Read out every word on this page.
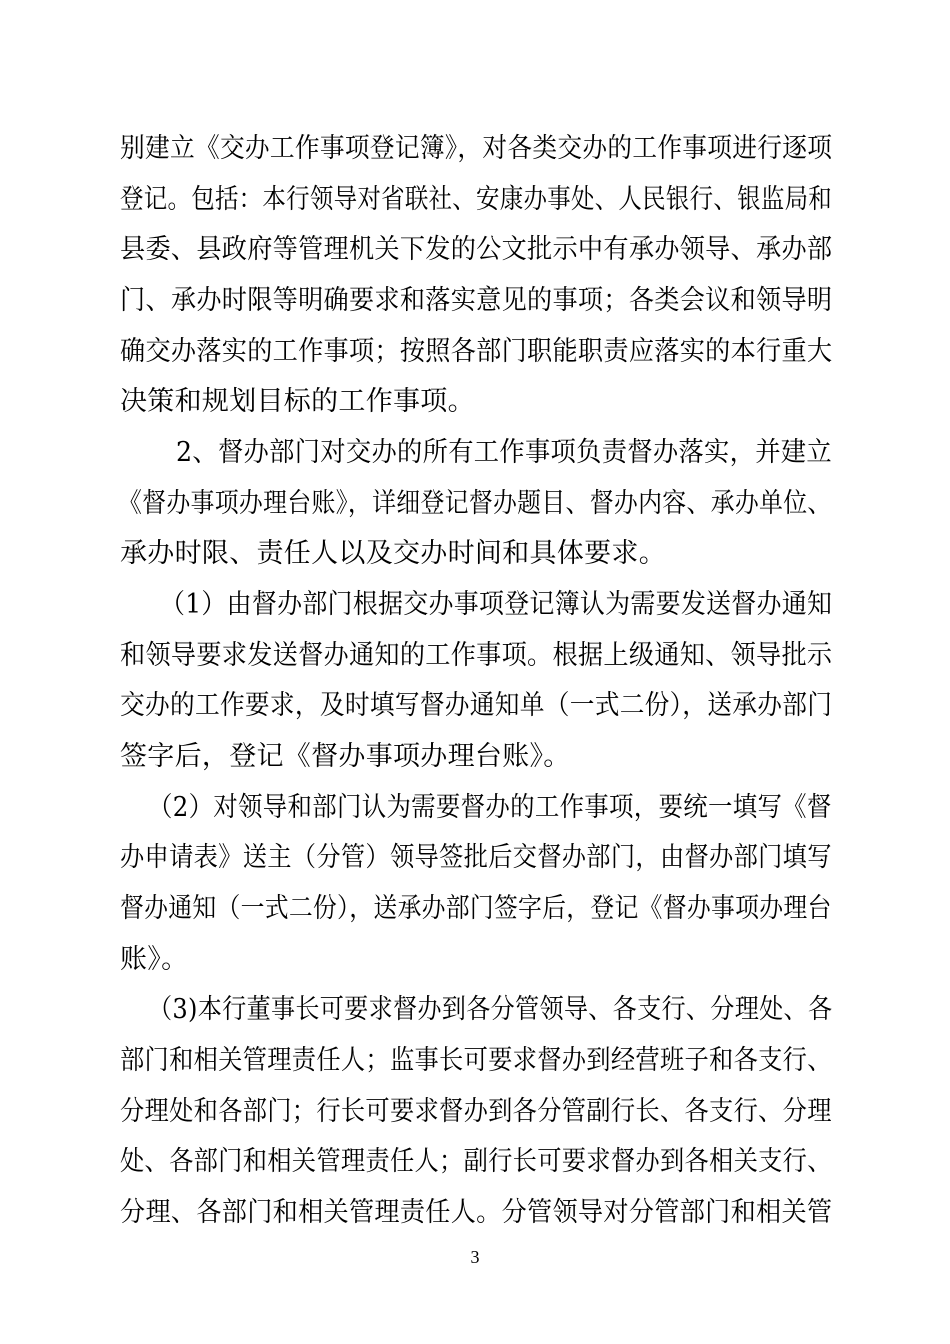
别建立《交办工作事项登记簿》，对各类交办的工作事项进行逐项
登记。包括：本行领导对省联社、安康办事处、人民银行、银监局和
县委、县政府等管理机关下发的公文批示中有承办领导、承办部
门、承办时限等明确要求和落实意见的事项；各类会议和领导明
确交办落实的工作事项；按照各部门职能职责应落实的本行重大
决策和规划目标的工作事项。
2、督办部门对交办的所有工作事项负责督办落实，并建立
《督办事项办理台账》，详细登记督办题目、督办内容、承办单位、
承办时限、责任人以及交办时间和具体要求。
（1）由督办部门根据交办事项登记簿认为需要发送督办通知
和领导要求发送督办通知的工作事项。根据上级通知、领导批示
交办的工作要求，及时填写督办通知单（一式二份），送承办部门
签字后，登记《督办事项办理台账》。
（2）对领导和部门认为需要督办的工作事项，要统一填写《督
办申请表》送主（分管）领导签批后交督办部门，由督办部门填写
督办通知（一式二份），送承办部门签字后，登记《督办事项办理台
账》。
（3)本行董事长可要求督办到各分管领导、各支行、分理处、各
部门和相关管理责任人；监事长可要求督办到经营班子和各支行、
分理处和各部门；行长可要求督办到各分管副行长、各支行、分理
处、各部门和相关管理责任人；副行长可要求督办到各相关支行、
分理、各部门和相关管理责任人。分管领导对分管部门和相关管
3
